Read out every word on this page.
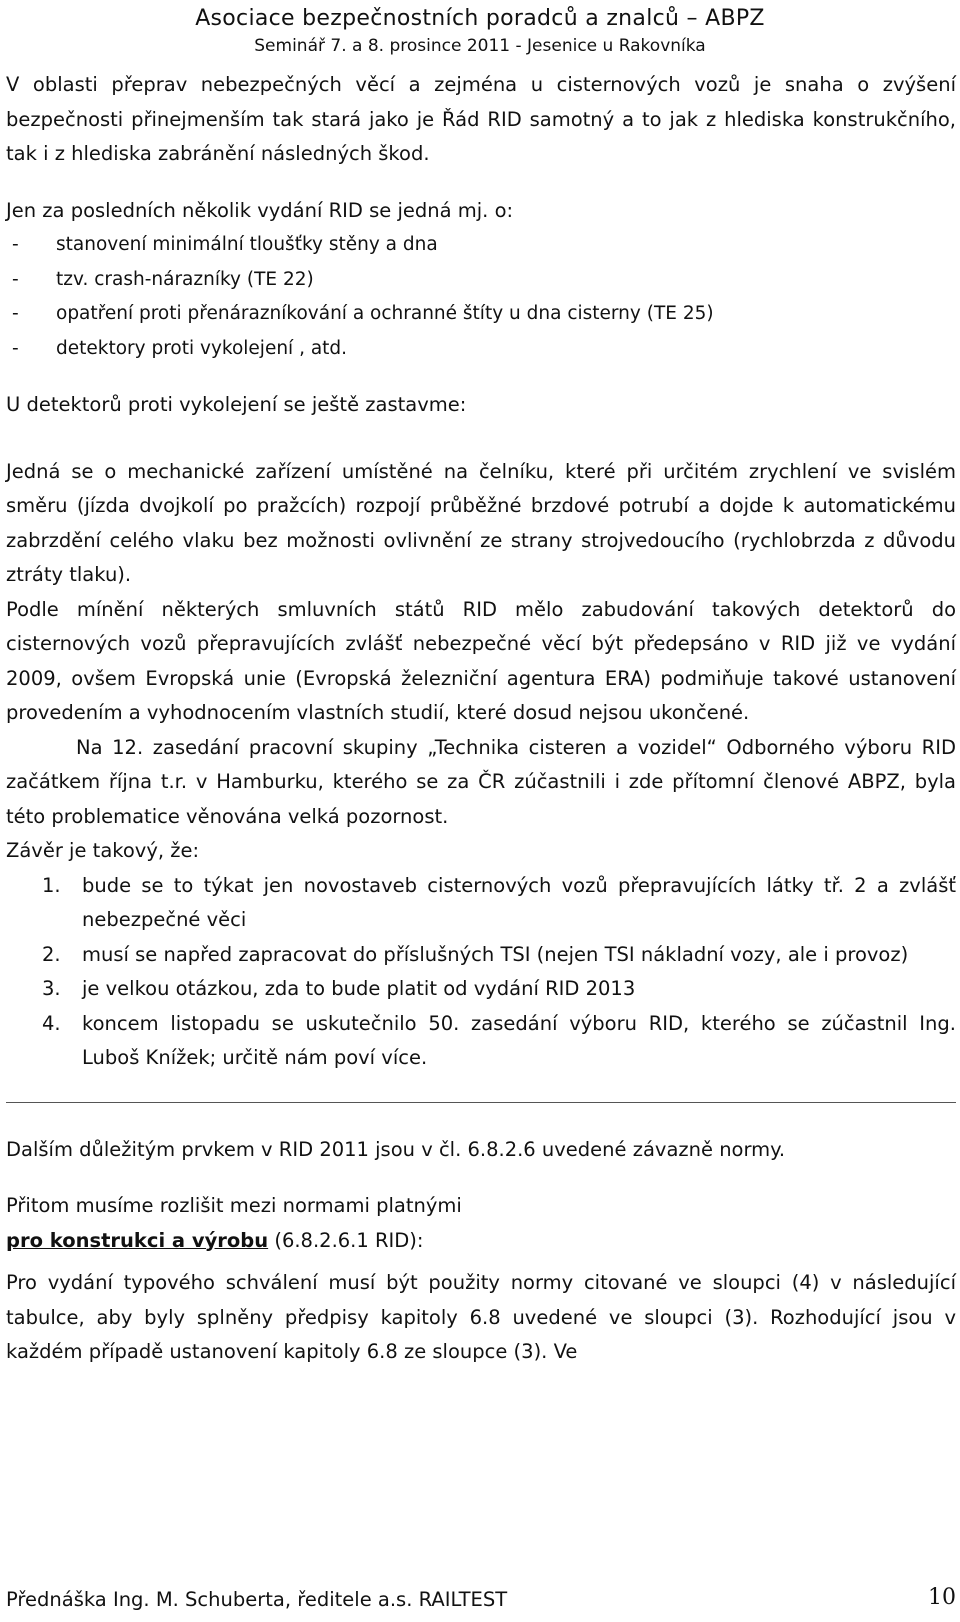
Asociace bezpečnostních poradců a znalců – ABPZ
Seminář 7. a 8. prosince 2011 - Jesenice u Rakovníka

V oblasti přeprav nebezpečných věcí a zejména u cisternových vozů je snaha o zvýšení bezpečnosti přinejmenším tak stará jako je Řád RID samotný a to jak z hlediska konstrukčního, tak i z hlediska zabránění následných škod.

Jen za posledních několik vydání RID se jedná mj. o:

-	stanovení minimální tloušťky stěny a dna
-	tzv. crash-nárazníky (TE 22)
-	opatření proti přenárazníkování a ochranné štíty u dna cisterny (TE 25)
-	detektory proti vykolejení , atd.

U detektorů proti vykolejení se ještě zastavme:

Jedná se o mechanické zařízení umístěné na čelníku, které při určitém zrychlení ve svislém směru (jízda dvojkolí po pražcích) rozpojí průběžné brzdové potrubí a dojde k automatickému zabrzdění celého vlaku bez možnosti ovlivnění ze strany strojvedoucího (rychlobrzda z důvodu ztráty tlaku).

Podle mínění některých smluvních států RID mělo zabudování takových detektorů do cisternových vozů přepravujících zvlášť nebezpečné věcí být předepsáno v RID již ve vydání 2009, ovšem Evropská unie (Evropská železniční agentura ERA) podmiňuje takové ustanovení provedením a vyhodnocením vlastních studií, které dosud nejsou ukončené.

Na 12. zasedání pracovní skupiny „Technika cisteren a vozidel“ Odborného výboru RID začátkem října t.r. v Hamburku, kterého se za ČR zúčastnili i zde přítomní členové ABPZ, byla této problematice věnována velká pozornost.

Závěr je takový, že:

1.	bude se to týkat jen novostaveb cisternových vozů přepravujících látky tř. 2 a zvlášť nebezpečné věci
2.	musí se napřed zapracovat do příslušných TSI (nejen TSI nákladní vozy, ale i provoz)
3.	je velkou otázkou, zda to bude platit od vydání RID 2013
4.	koncem listopadu se uskutečnilo 50. zasedání výboru RID, kterého se zúčastnil Ing. Luboš Knížek; určitě nám poví více.

Dalším důležitým prvkem v RID 2011 jsou v čl. 6.8.2.6 uvedené závazně normy.

Přitom musíme rozlišit mezi normami platnými
pro konstrukci a výrobu (6.8.2.6.1 RID):

Pro vydání typového schválení musí být použity normy citované ve sloupci (4) v následující tabulce, aby byly splněny předpisy kapitoly 6.8 uvedené ve sloupci (3). Rozhodující jsou v každém případě ustanovení kapitoly 6.8 ze sloupce (3). Ve

Přednáška Ing. M. Schuberta, ředitele a.s. RAILTEST	10
